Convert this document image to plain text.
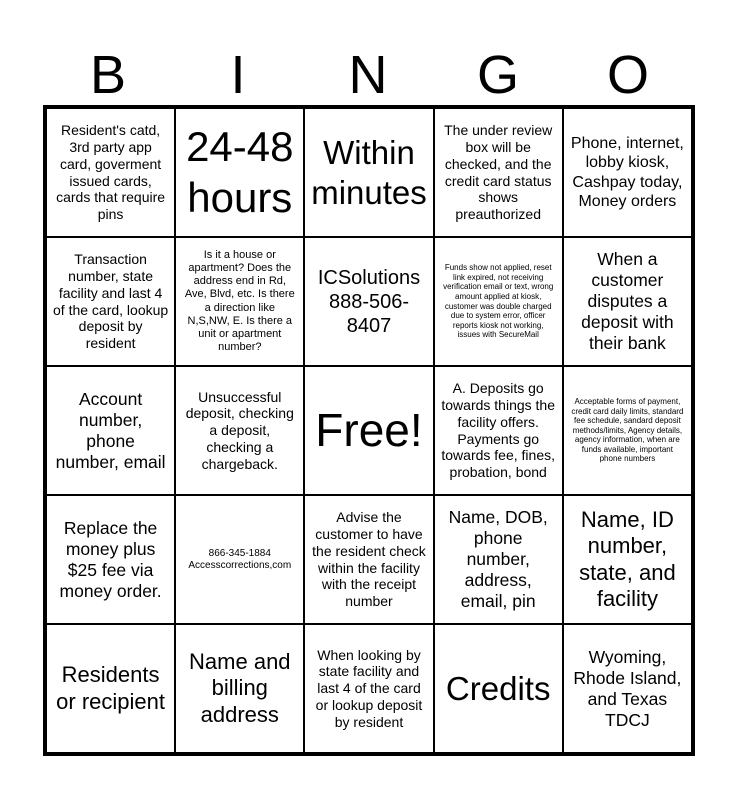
B	I	N	G	O
Resident's catd, 3rd party app card, goverment issued cards, cards that require pins
24-48 hours
Within minutes
The under review box will be checked, and the credit card status shows preauthorized
Phone, internet, lobby kiosk, Cashpay today, Money orders
Transaction number, state facility and last 4 of the card, lookup deposit by resident
Is it a house or apartment? Does the address end in Rd, Ave, Blvd, etc. Is there a direction like N,S,NW, E. Is there a unit or apartment number?
ICSolutions 888-506-8407
Funds show not applied, reset link expired, not receiving verification email or text, wrong amount applied at kiosk, customer was double charged due to system error, officer reports kiosk not working, issues with SecureMail
When a customer disputes a deposit with their bank
Account number, phone number, email
Unsuccessful deposit, checking a deposit, checking a chargeback.
Free!
A. Deposits go towards things the facility offers. Payments go towards fee, fines, probation, bond
Acceptable forms of payment, credit card daily limits, standard fee schedule, sandard deposit methods/limits, Agency details, agency information, when are funds available, important phone numbers
Replace the money plus $25 fee via money order.
866-345-1884 Accesscorrections,com
Advise the customer to have the resident check within the facility with the receipt number
Name, DOB, phone number, address, email, pin
Name, ID number, state, and facility
Residents or recipient
Name and billing address
When looking by state facility and last 4 of the card or lookup deposit by resident
Credits
Wyoming, Rhode Island, and Texas TDCJ
